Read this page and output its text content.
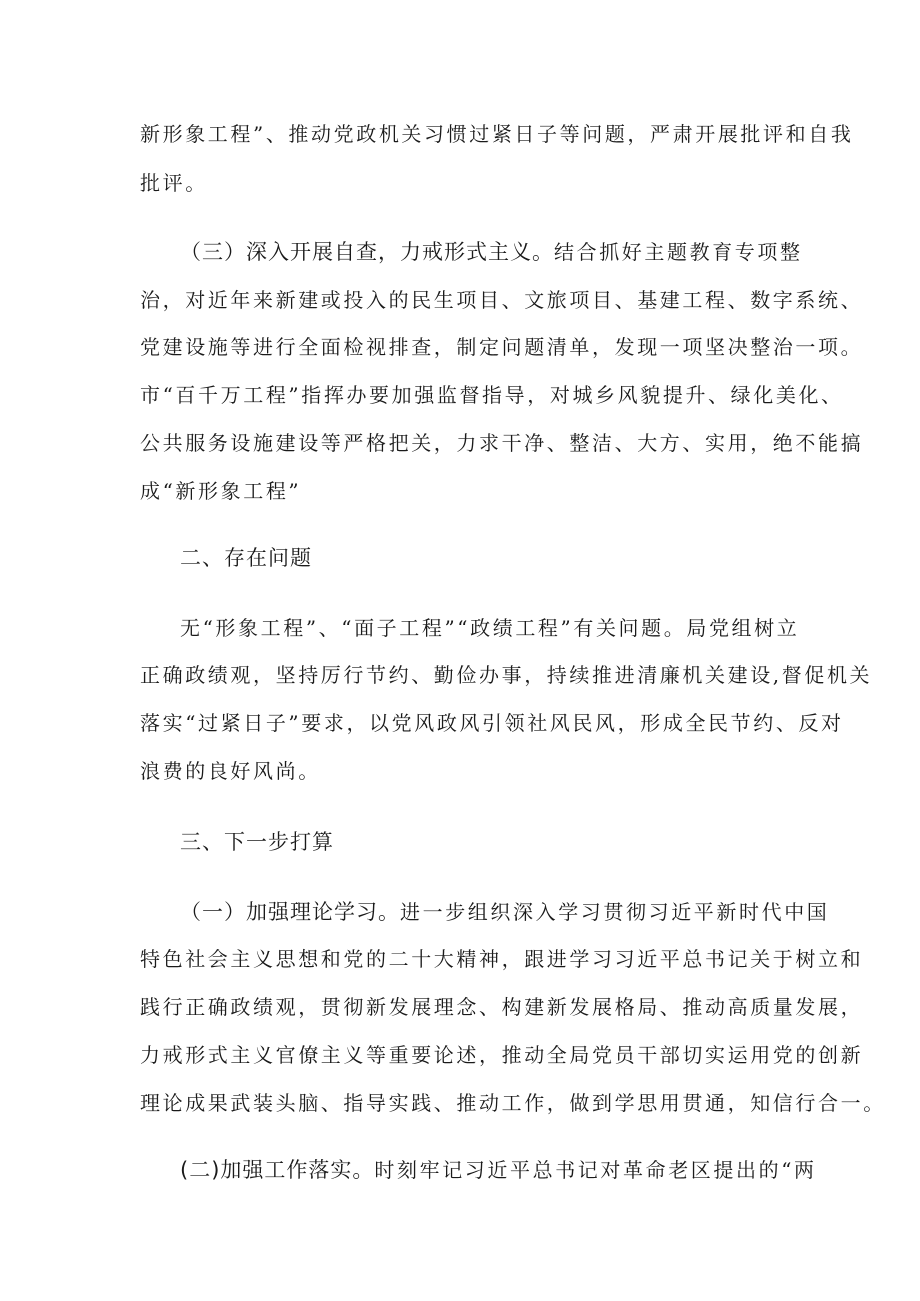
新形象工程”、推动党政机关习惯过紧日子等问题，严肃开展批评和自我
批评。
（三）深入开展自查，力戒形式主义。结合抓好主题教育专项整
治，对近年来新建或投入的民生项目、文旅项目、基建工程、数字系统、
党建设施等进行全面检视排查，制定问题清单，发现一项坚决整治一项。
市“百千万工程”指挥办要加强监督指导，对城乡风貌提升、绿化美化、
公共服务设施建设等严格把关，力求干净、整洁、大方、实用，绝不能搞
成“新形象工程”
二、存在问题
无“形象工程”、“面子工程”“政绩工程”有关问题。局党组树立
正确政绩观，坚持厉行节约、勤俭办事，持续推进清廉机关建设,督促机关
落实“过紧日子”要求，以党风政风引领社风民风，形成全民节约、反对
浪费的良好风尚。
三、下一步打算
（一）加强理论学习。进一步组织深入学习贯彻习近平新时代中国
特色社会主义思想和党的二十大精神，跟进学习习近平总书记关于树立和
践行正确政绩观，贯彻新发展理念、构建新发展格局、推动高质量发展，
力戒形式主义官僚主义等重要论述，推动全局党员干部切实运用党的创新
理论成果武装头脑、指导实践、推动工作，做到学思用贯通，知信行合一。
(二)加强工作落实。时刻牢记习近平总书记对革命老区提出的“两
